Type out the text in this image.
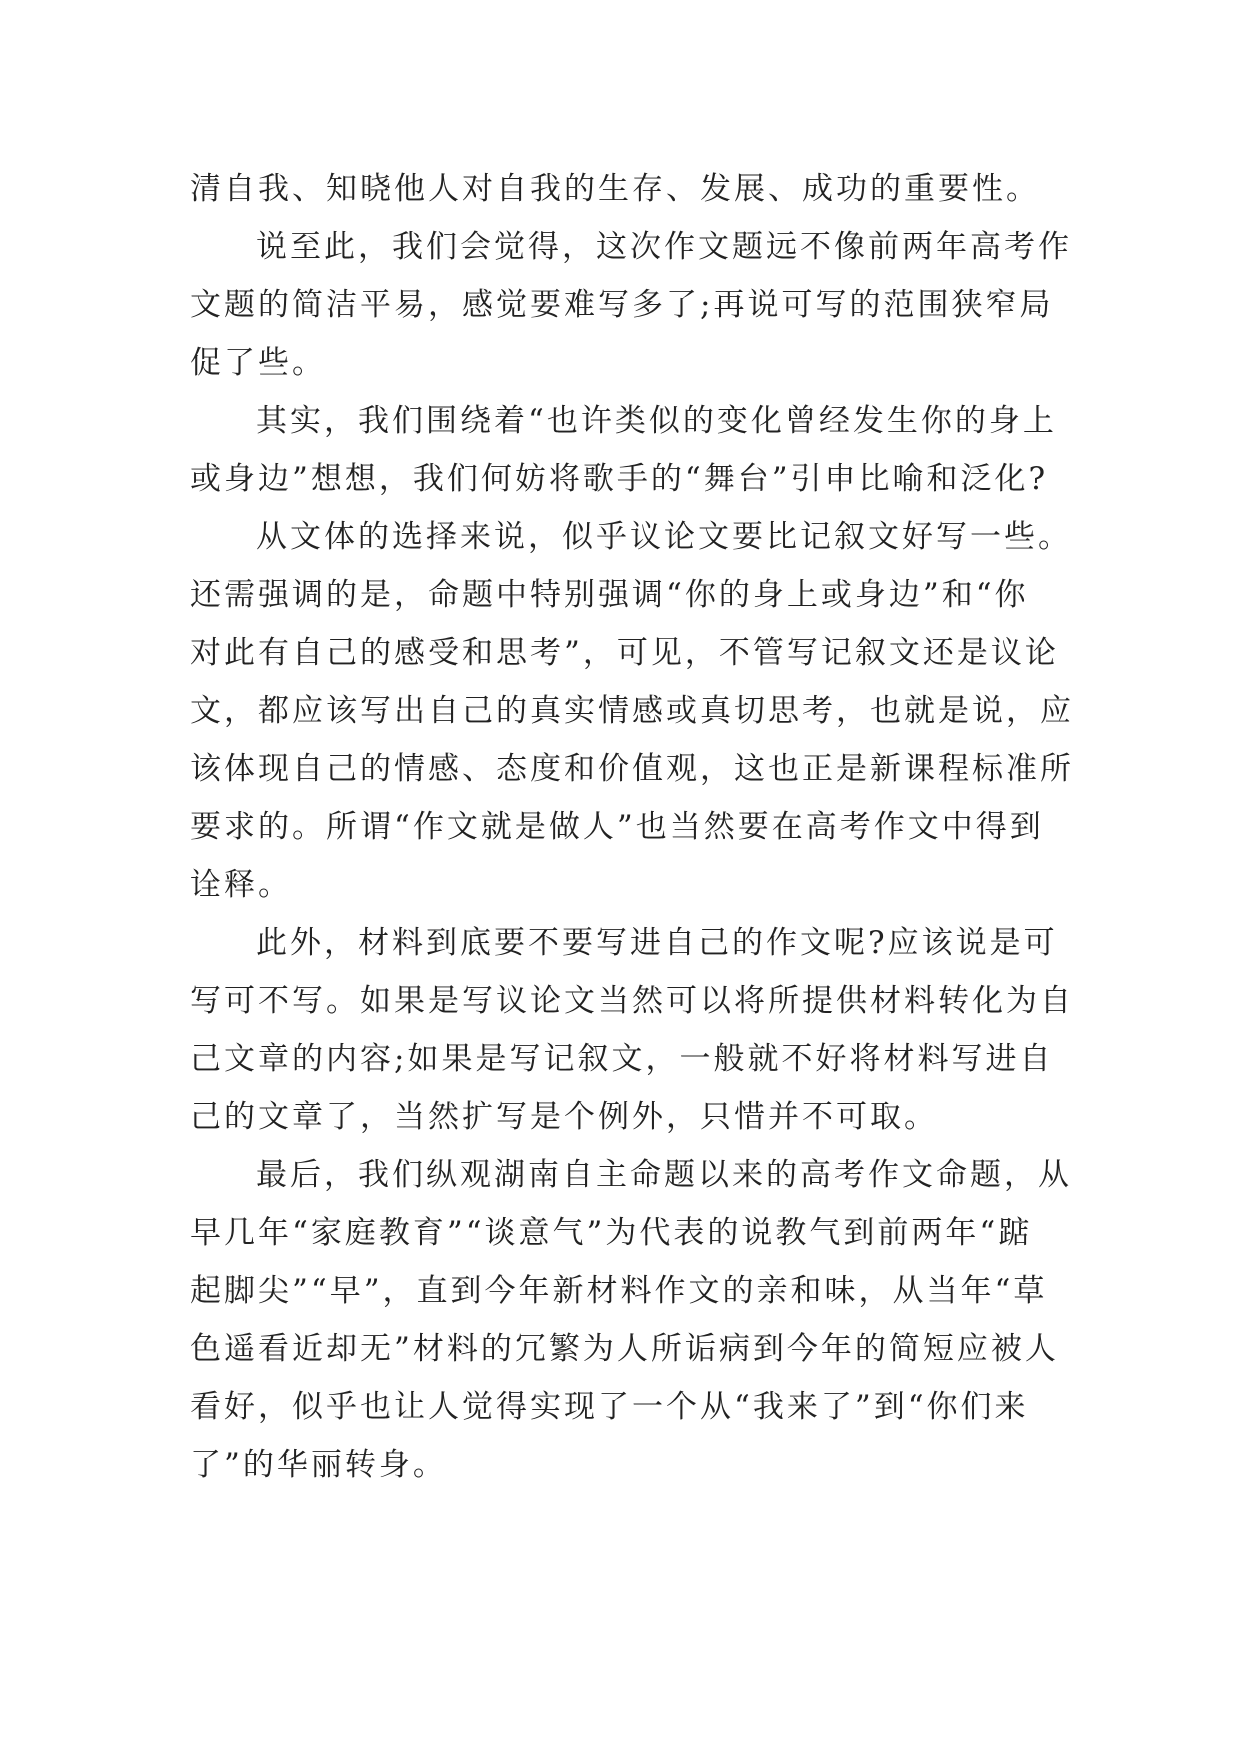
清自我、知晓他人对自我的生存、发展、成功的重要性。
说至此，我们会觉得，这次作文题远不像前两年高考作
文题的简洁平易，感觉要难写多了;再说可写的范围狭窄局
促了些。
其实，我们围绕着“也许类似的变化曾经发生你的身上
或身边”想想，我们何妨将歌手的“舞台”引申比喻和泛化?
从文体的选择来说，似乎议论文要比记叙文好写一些。
还需强调的是，命题中特别强调“你的身上或身边”和“你
对此有自己的感受和思考”，可见，不管写记叙文还是议论
文，都应该写出自己的真实情感或真切思考，也就是说，应
该体现自己的情感、态度和价值观，这也正是新课程标准所
要求的。所谓“作文就是做人”也当然要在高考作文中得到
诠释。
此外，材料到底要不要写进自己的作文呢?应该说是可
写可不写。如果是写议论文当然可以将所提供材料转化为自
己文章的内容;如果是写记叙文，一般就不好将材料写进自
己的文章了，当然扩写是个例外，只惜并不可取。
最后，我们纵观湖南自主命题以来的高考作文命题，从
早几年“家庭教育”“谈意气”为代表的说教气到前两年“踮
起脚尖”“早”，直到今年新材料作文的亲和味，从当年“草
色遥看近却无”材料的冗繁为人所诟病到今年的简短应被人
看好，似乎也让人觉得实现了一个从“我来了”到“你们来
了”的华丽转身。
